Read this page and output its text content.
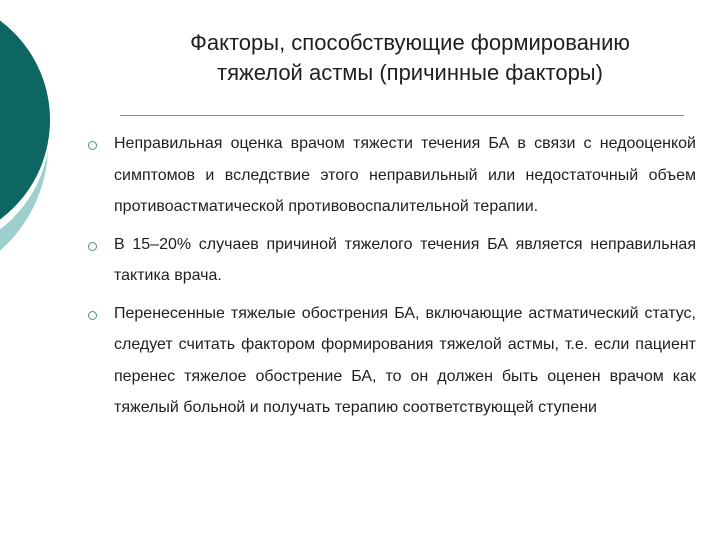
Факторы, способствующие формированию
тяжелой астмы (причинные факторы)

Неправильная оценка врачом тяжести течения БА в связи с недооценкой симптомов и вследствие этого неправильный или недостаточный объем противоастматической противовоспалительной терапии.

В 15–20% случаев причиной тяжелого течения БА является неправильная тактика врача.

Перенесенные тяжелые обострения БА, включающие астматический статус, следует считать фактором формирования тяжелой астмы, т.е. если пациент перенес тяжелое обострение БА, то он должен быть оценен врачом как тяжелый больной и получать терапию соответствующей ступени
